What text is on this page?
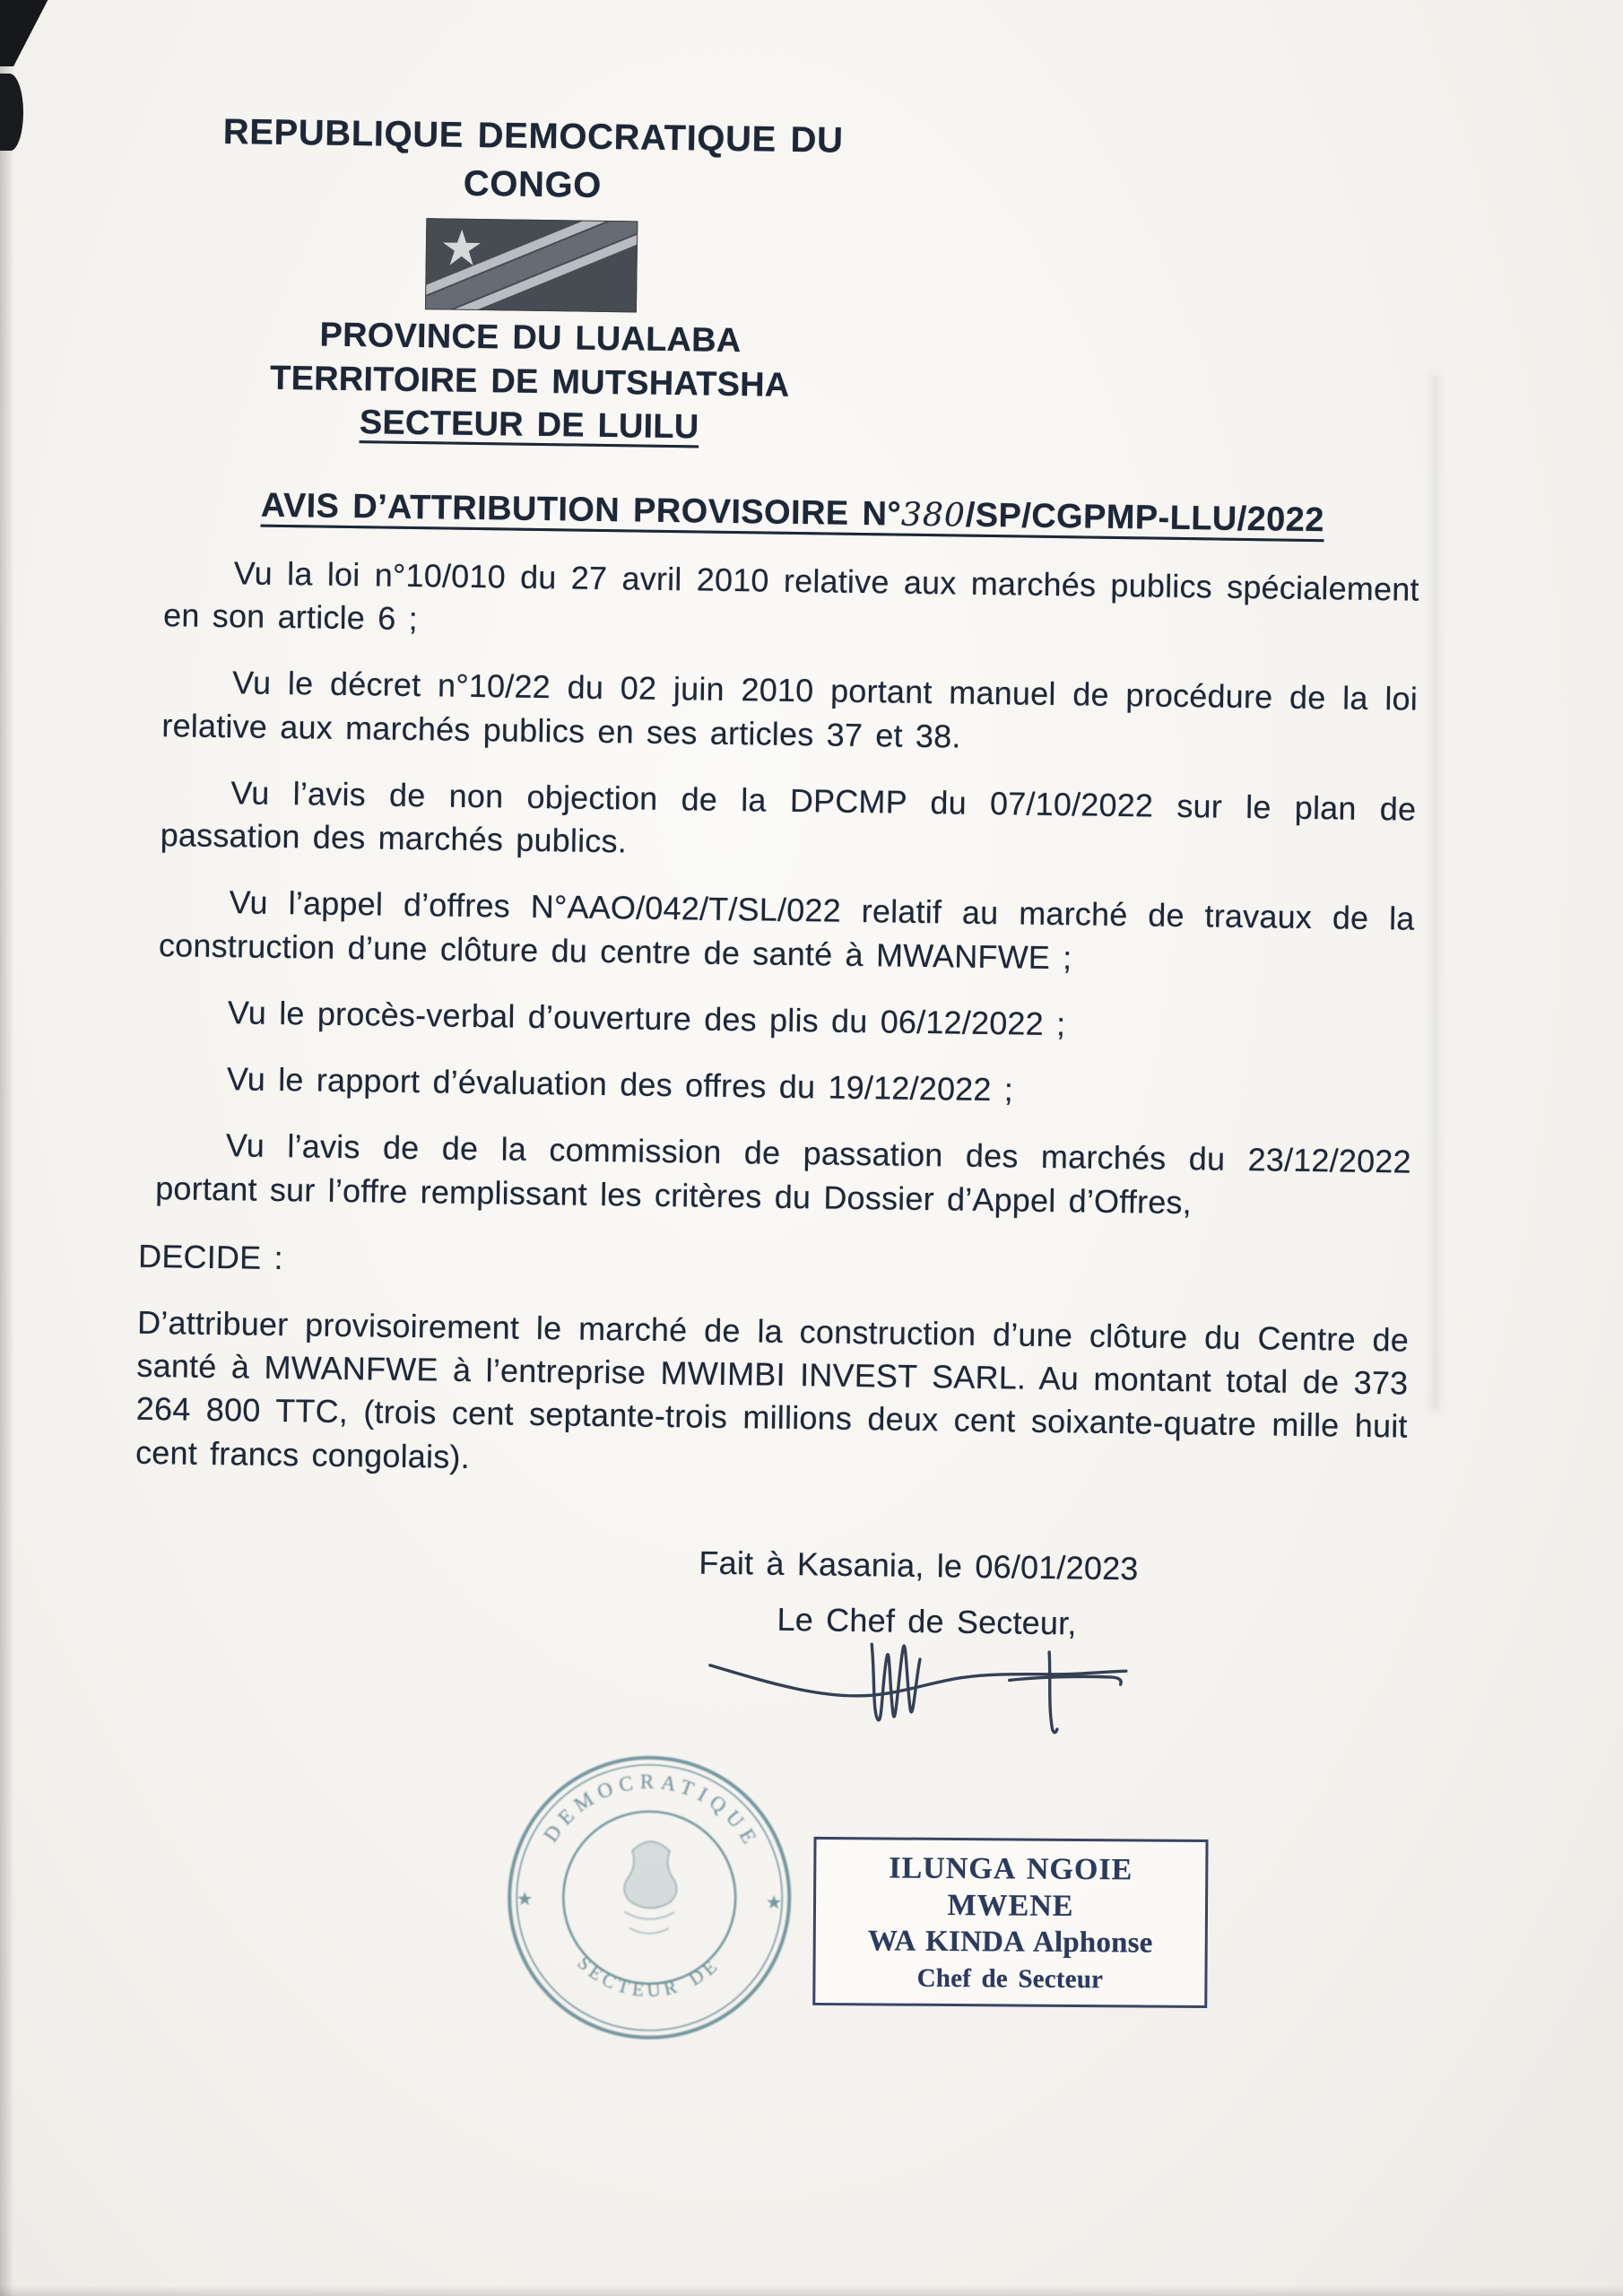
REPUBLIQUE DEMOCRATIQUE DU CONGO
PROVINCE DU LUALABA
TERRITOIRE DE MUTSHATSHA
SECTEUR DE LUILU
AVIS D’ATTRIBUTION PROVISOIRE N°380/SP/CGPMP-LLU/2022

Vu la loi n°10/010 du 27 avril 2010 relative aux marchés publics spécialement en son article 6 ;

Vu le décret n°10/22 du 02 juin 2010 portant manuel de procédure de la loi relative aux marchés publics en ses articles 37 et 38.

Vu l’avis de non objection de la DPCMP du 07/10/2022 sur le plan de passation des marchés publics.

Vu l’appel d’offres N°AAO/042/T/SL/022 relatif au marché de travaux de la construction d’une clôture du centre de santé à MWANFWE ;

Vu le procès-verbal d’ouverture des plis du 06/12/2022 ;

Vu le rapport d’évaluation des offres du 19/12/2022 ;

Vu l’avis de de la commission de passation des marchés du 23/12/2022 portant sur l’offre remplissant les critères du Dossier d’Appel d’Offres,

DECIDE :

D’attribuer provisoirement le marché de la construction d’une clôture du Centre de santé à MWANFWE à l’entreprise MWIMBI INVEST SARL. Au montant total de 373 264 800 TTC, (trois cent septante-trois millions deux cent soixante-quatre mille huit cent francs congolais).

Fait à Kasania, le 06/01/2023
Le Chef de Secteur,
DEMOCRATIQUE
SECTEUR DE
★	★
ILUNGA NGOIE MWENE
WA KINDA Alphonse
Chef de Secteur
